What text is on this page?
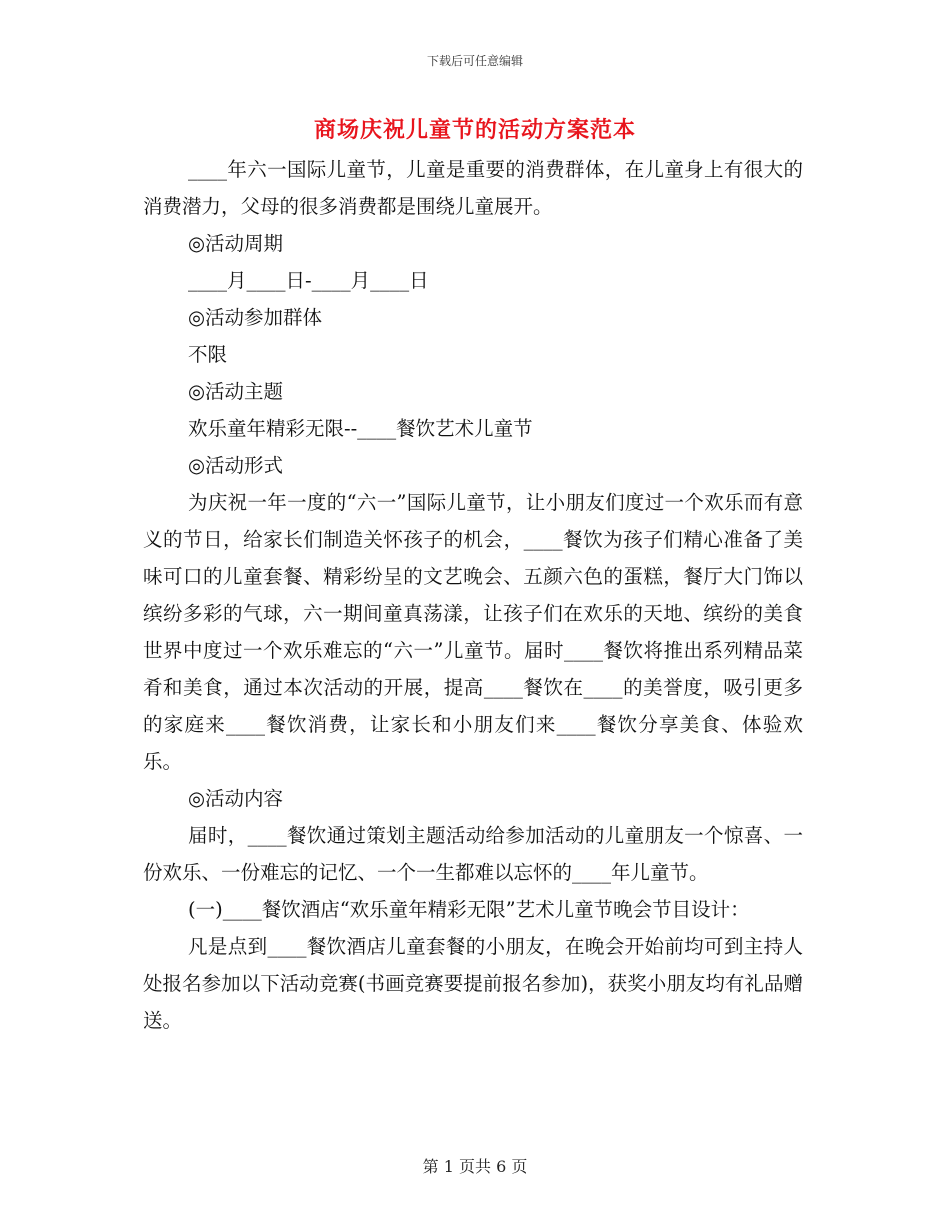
下载后可任意编辑
商场庆祝儿童节的活动方案范本

____年六一国际儿童节，儿童是重要的消费群体，在儿童身上有很大的消费潜力，父母的很多消费都是围绕儿童展开。

◎活动周期

____月____日-____月____日

◎活动参加群体

不限

◎活动主题

欢乐童年精彩无限--____餐饮艺术儿童节

◎活动形式

为庆祝一年一度的“六一”国际儿童节，让小朋友们度过一个欢乐而有意义的节日，给家长们制造关怀孩子的机会，____餐饮为孩子们精心准备了美味可口的儿童套餐、精彩纷呈的文艺晚会、五颜六色的蛋糕，餐厅大门饰以缤纷多彩的气球，六一期间童真荡漾，让孩子们在欢乐的天地、缤纷的美食世界中度过一个欢乐难忘的“六一”儿童节。届时____餐饮将推出系列精品菜肴和美食，通过本次活动的开展，提高____餐饮在____的美誉度，吸引更多的家庭来____餐饮消费，让家长和小朋友们来____餐饮分享美食、体验欢乐。

◎活动内容

届时，____餐饮通过策划主题活动给参加活动的儿童朋友一个惊喜、一份欢乐、一份难忘的记忆、一个一生都难以忘怀的____年儿童节。

(一)____餐饮酒店“欢乐童年精彩无限”艺术儿童节晚会节目设计：

凡是点到____餐饮酒店儿童套餐的小朋友，在晚会开始前均可到主持人处报名参加以下活动竞赛(书画竞赛要提前报名参加)，获奖小朋友均有礼品赠送。

第 1 页共 6 页
